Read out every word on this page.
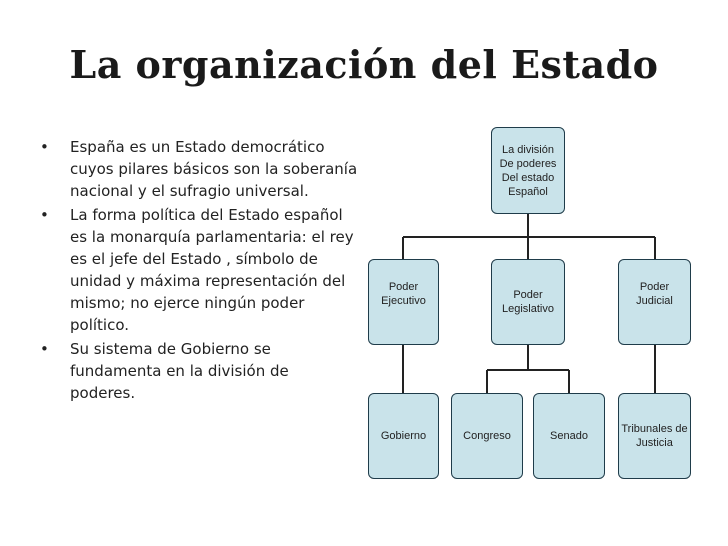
La organización del Estado
• España es un Estado democrático cuyos pilares básicos son la soberanía nacional y el sufragio universal.
• La forma política del Estado español es la monarquía parlamentaria: el rey es el jefe del Estado , símbolo de unidad y máxima representación del mismo; no ejerce ningún poder político.
• Su sistema de Gobierno se fundamenta en la división de poderes.
La división
De poderes
Del estado
Español
Poder
Ejecutivo	Poder
Legislativo
Poder
Judicial
Gobierno	Congreso	Senado
Tribunales de
Justicia
